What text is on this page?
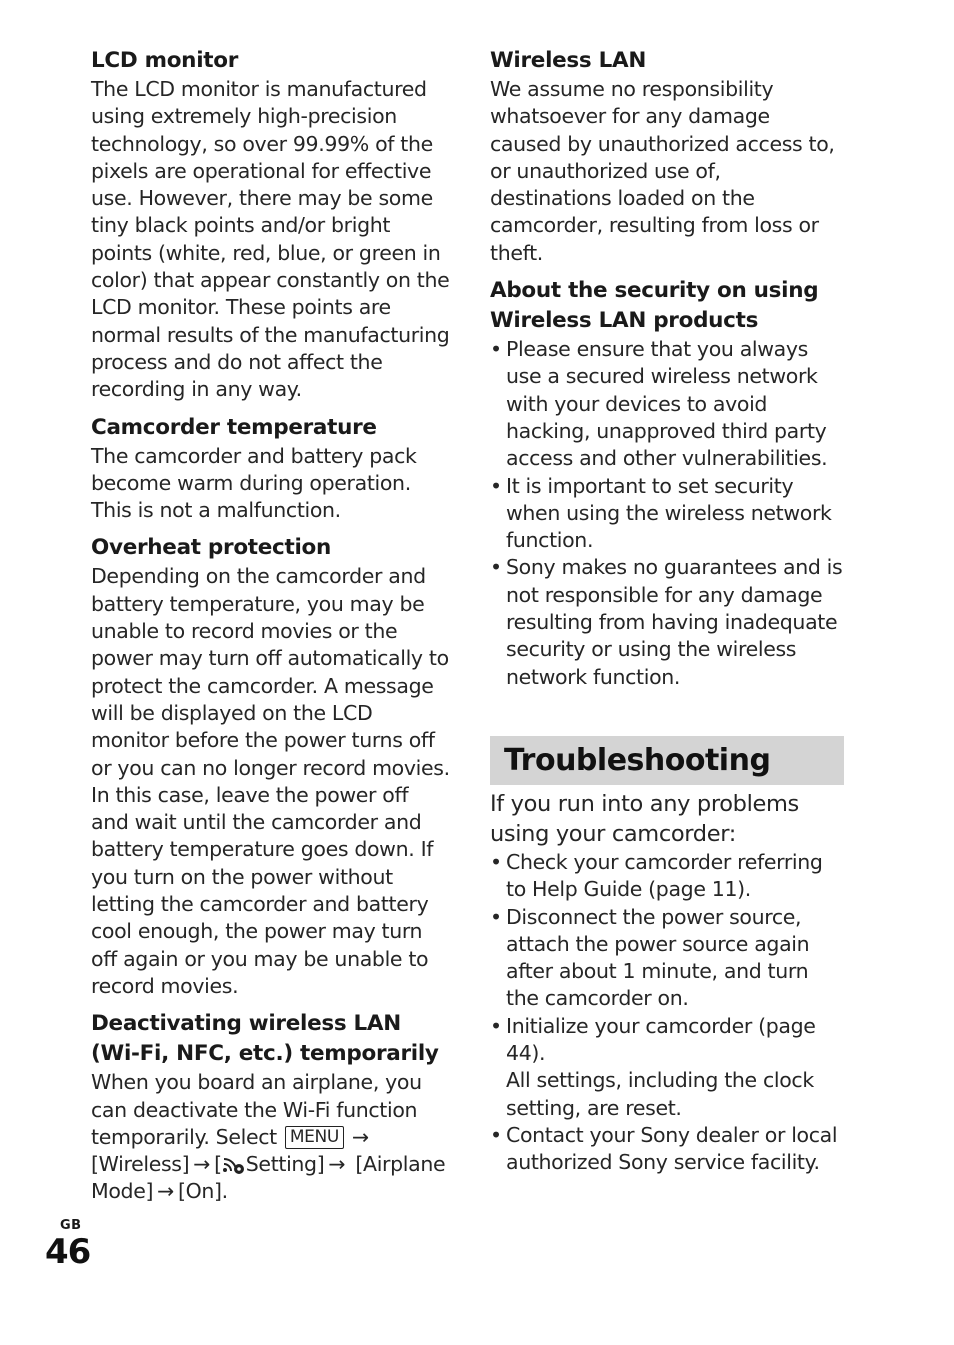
LCD monitor

The LCD monitor is manufactured using extremely high-precision technology, so over 99.99% of the pixels are operational for effective use. However, there may be some tiny black points and/or bright points (white, red, blue, or green in color) that appear constantly on the LCD monitor. These points are normal results of the manufacturing process and do not affect the recording in any way.

Camcorder temperature

The camcorder and battery pack become warm during operation. This is not a malfunction.

Overheat protection

Depending on the camcorder and battery temperature, you may be unable to record movies or the power may turn off automatically to protect the camcorder. A message will be displayed on the LCD monitor before the power turns off or you can no longer record movies. In this case, leave the power off and wait until the camcorder and battery temperature goes down. If you turn on the power without letting the camcorder and battery cool enough, the power may turn off again or you may be unable to record movies.

Deactivating wireless LAN (Wi-Fi, NFC, etc.) temporarily

When you board an airplane, you can deactivate the Wi-Fi function temporarily. Select MENU → [Wireless] → [ Setting] → [Airplane Mode] → [On].

Wireless LAN

We assume no responsibility whatsoever for any damage caused by unauthorized access to, or unauthorized use of, destinations loaded on the camcorder, resulting from loss or theft.

About the security on using Wireless LAN products
• Please ensure that you always use a secured wireless network with your devices to avoid hacking, unapproved third party access and other vulnerabilities.
• It is important to set security when using the wireless network function.
• Sony makes no guarantees and is not responsible for any damage resulting from having inadequate security or using the wireless network function.
Troubleshooting

If you run into any problems using your camcorder:

• Check your camcorder referring to Help Guide (page 11).
• Disconnect the power source, attach the power source again after about 1 minute, and turn the camcorder on.
• Initialize your camcorder (page 44).
All settings, including the clock setting, are reset.
• Contact your Sony dealer or local authorized Sony service facility.
GB
46
